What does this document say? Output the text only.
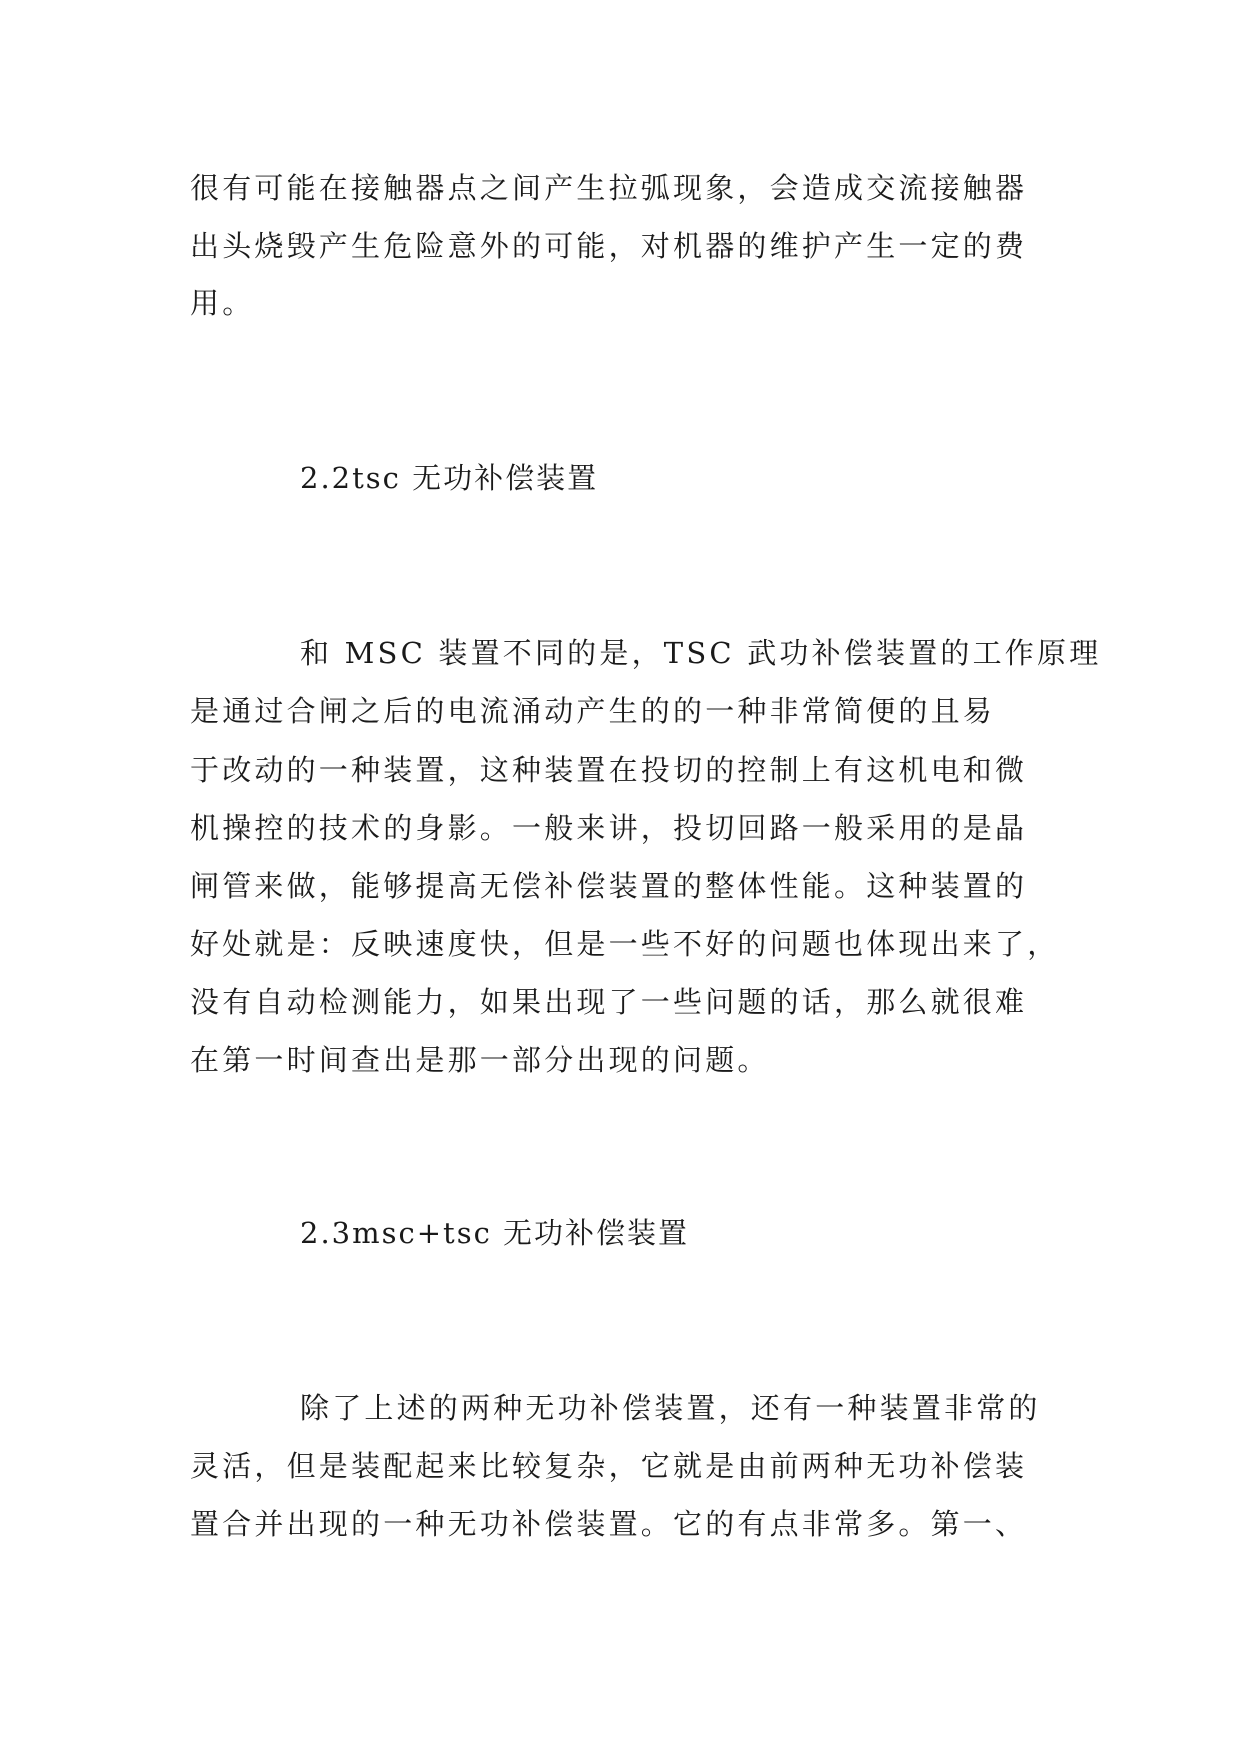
很有可能在接触器点之间产生拉弧现象，会造成交流接触器
出头烧毁产生危险意外的可能，对机器的维护产生一定的费
用。
2.2tsc 无功补偿装置
和 MSC 装置不同的是，TSC 武功补偿装置的工作原理
是通过合闸之后的电流涌动产生的的一种非常简便的且易
于改动的一种装置，这种装置在投切的控制上有这机电和微
机操控的技术的身影。一般来讲，投切回路一般采用的是晶
闸管来做，能够提高无偿补偿装置的整体性能。这种装置的
好处就是：反映速度快，但是一些不好的问题也体现出来了，
没有自动检测能力，如果出现了一些问题的话，那么就很难
在第一时间查出是那一部分出现的问题。
2.3msc+tsc 无功补偿装置
除了上述的两种无功补偿装置，还有一种装置非常的
灵活，但是装配起来比较复杂，它就是由前两种无功补偿装
置合并出现的一种无功补偿装置。它的有点非常多。第一、
